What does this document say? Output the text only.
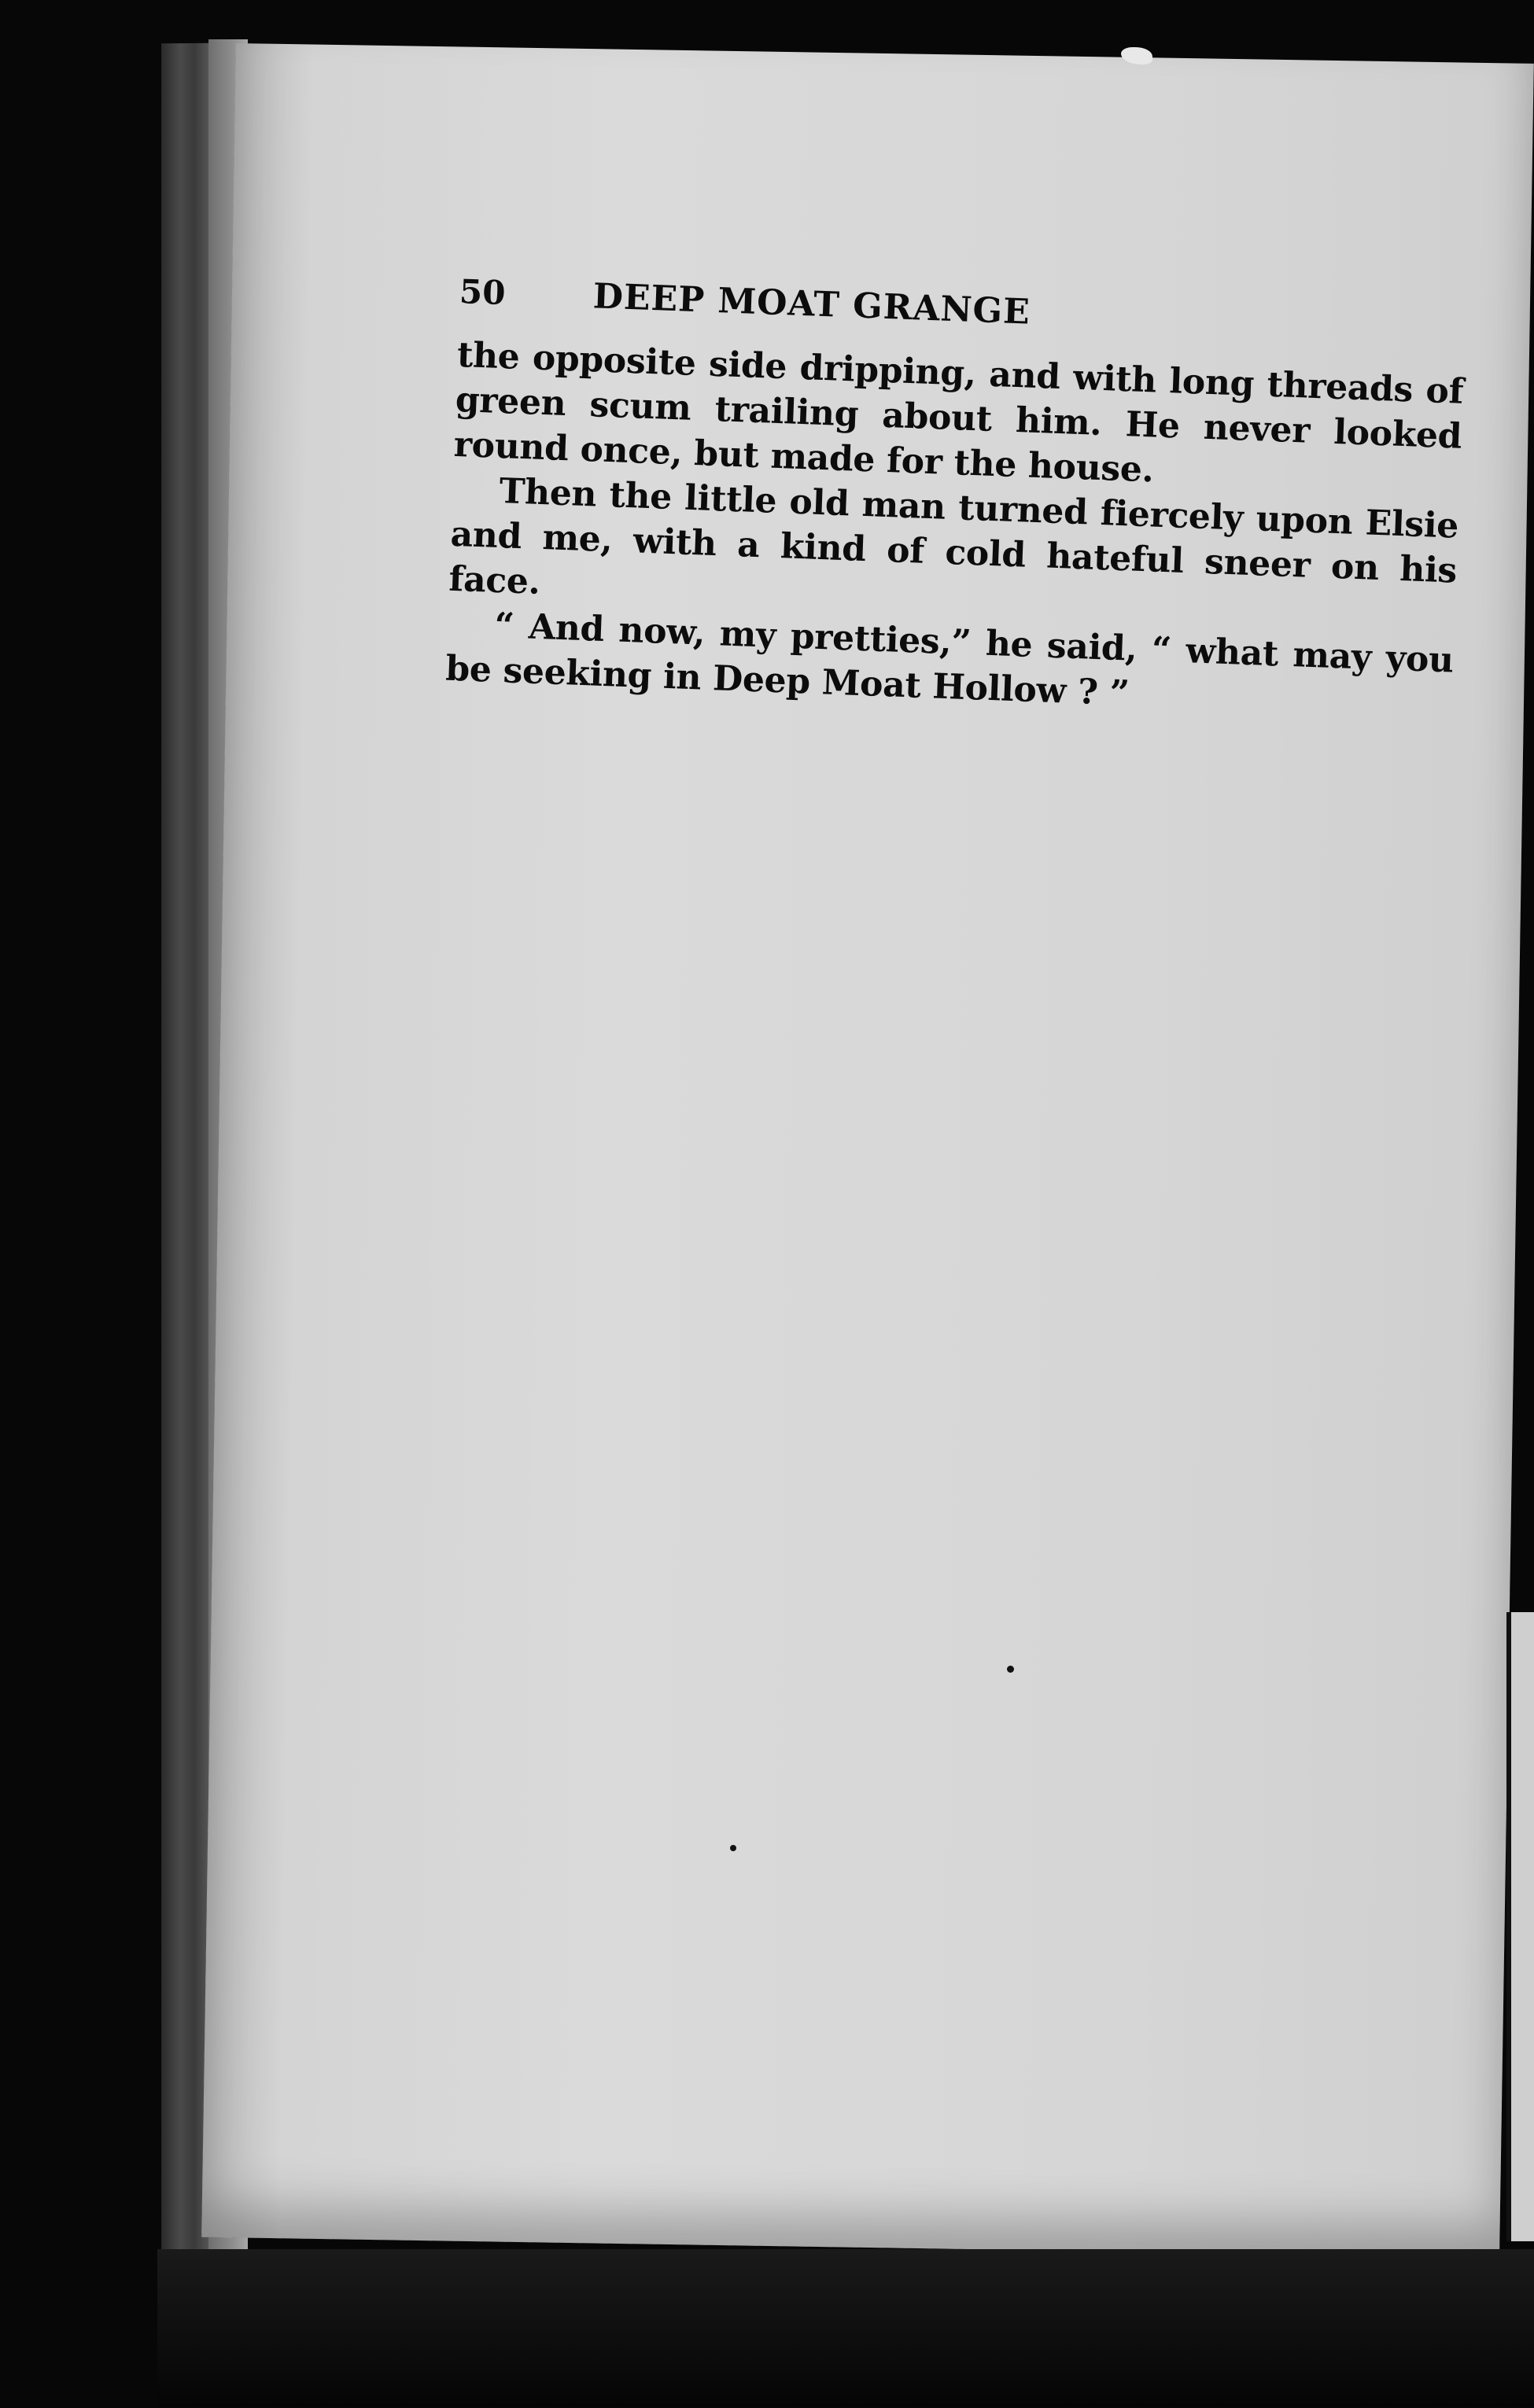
50	DEEP MOAT GRANGE

the opposite side dripping, and with long threads of green scum trailing about him. He never looked round once, but made for the house.

Then the little old man turned fiercely upon Elsie and me, with a kind of cold hateful sneer on his face.

“ And now, my pretties,” he said, “ what may you be seeking in Deep Moat Hollow ? ”
